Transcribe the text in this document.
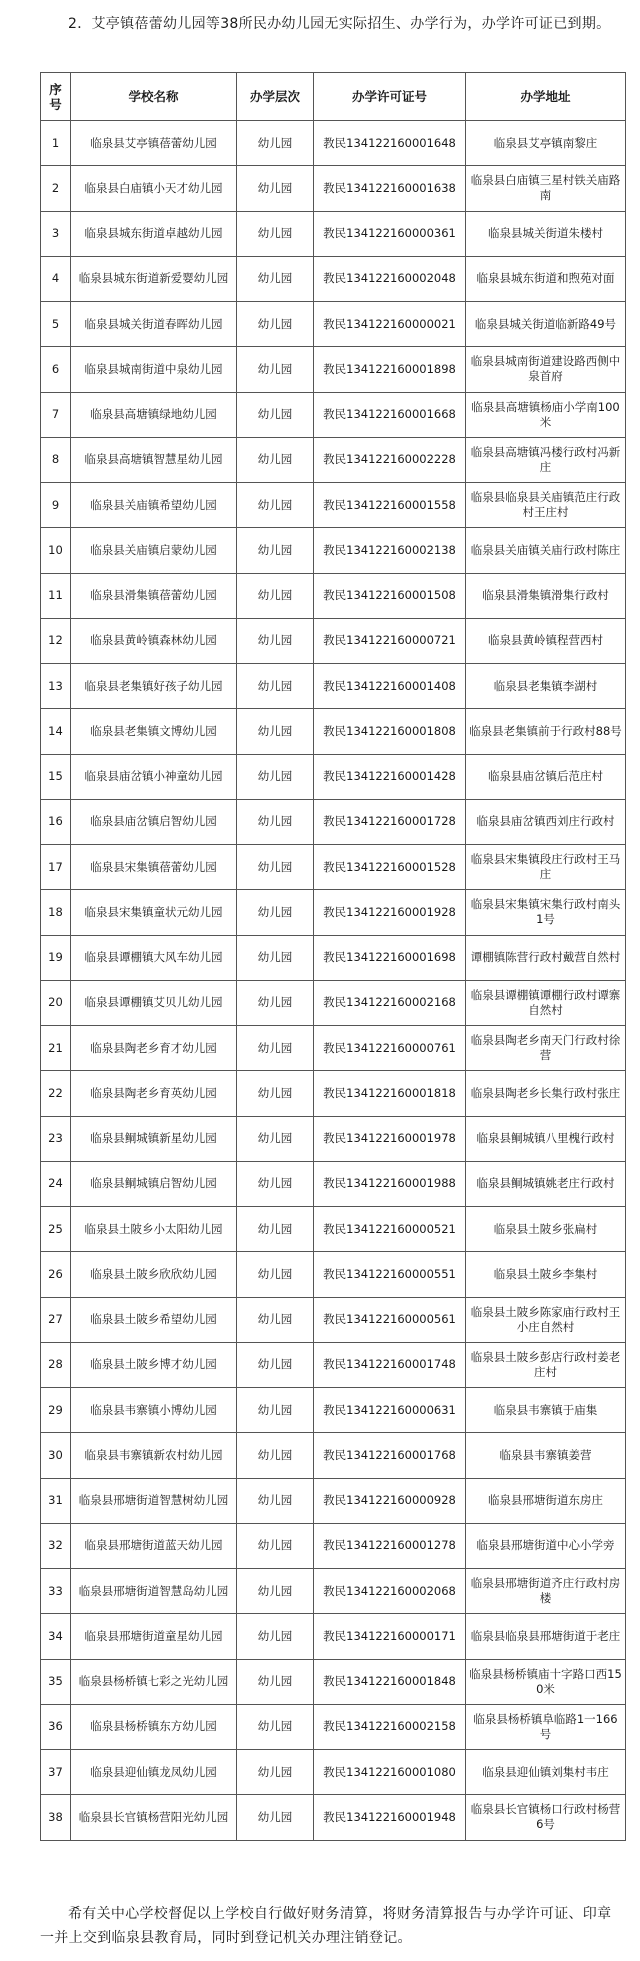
2．艾亭镇蓓蕾幼儿园等38所民办幼儿园无实际招生、办学行为，办学许可证已到期。

序号	学校名称	办学层次	办学许可证号	办学地址
1	临泉县艾亭镇蓓蕾幼儿园	幼儿园	教民134122160001648	临泉县艾亭镇南黎庄
2	临泉县白庙镇小天才幼儿园	幼儿园	教民134122160001638	临泉县白庙镇三星村铁关庙路南
3	临泉县城东街道卓越幼儿园	幼儿园	教民134122160000361	临泉县城关街道朱楼村
4	临泉县城东街道新爱婴幼儿园	幼儿园	教民134122160002048	临泉县城东街道和煦苑对面
5	临泉县城关街道春晖幼儿园	幼儿园	教民134122160000021	临泉县城关街道临新路49号
6	临泉县城南街道中泉幼儿园	幼儿园	教民134122160001898	临泉县城南街道建设路西侧中泉首府
7	临泉县高塘镇绿地幼儿园	幼儿园	教民134122160001668	临泉县高塘镇杨庙小学南100米
8	临泉县高塘镇智慧星幼儿园	幼儿园	教民134122160002228	临泉县高塘镇冯楼行政村冯新庄
9	临泉县关庙镇希望幼儿园	幼儿园	教民134122160001558	临泉县临泉县关庙镇范庄行政村王庄村
10	临泉县关庙镇启蒙幼儿园	幼儿园	教民134122160002138	临泉县关庙镇关庙行政村陈庄
11	临泉县滑集镇蓓蕾幼儿园	幼儿园	教民134122160001508	临泉县滑集镇滑集行政村
12	临泉县黄岭镇森林幼儿园	幼儿园	教民134122160000721	临泉县黄岭镇程营西村
13	临泉县老集镇好孩子幼儿园	幼儿园	教民134122160001408	临泉县老集镇李湖村
14	临泉县老集镇文博幼儿园	幼儿园	教民134122160001808	临泉县老集镇前于行政村88号
15	临泉县庙岔镇小神童幼儿园	幼儿园	教民134122160001428	临泉县庙岔镇后范庄村
16	临泉县庙岔镇启智幼儿园	幼儿园	教民134122160001728	临泉县庙岔镇西刘庄行政村
17	临泉县宋集镇蓓蕾幼儿园	幼儿园	教民134122160001528	临泉县宋集镇段庄行政村王马庄
18	临泉县宋集镇童状元幼儿园	幼儿园	教民134122160001928	临泉县宋集镇宋集行政村南头1号
19	临泉县谭棚镇大风车幼儿园	幼儿园	教民134122160001698	谭棚镇陈营行政村戴营自然村
20	临泉县谭棚镇艾贝儿幼儿园	幼儿园	教民134122160002168	临泉县谭棚镇谭棚行政村谭寨自然村
21	临泉县陶老乡育才幼儿园	幼儿园	教民134122160000761	临泉县陶老乡南天门行政村徐营
22	临泉县陶老乡育英幼儿园	幼儿园	教民134122160001818	临泉县陶老乡长集行政村张庄
23	临泉县鲖城镇新星幼儿园	幼儿园	教民134122160001978	临泉县鲖城镇八里槐行政村
24	临泉县鲖城镇启智幼儿园	幼儿园	教民134122160001988	临泉县鲖城镇姚老庄行政村
25	临泉县土陂乡小太阳幼儿园	幼儿园	教民134122160000521	临泉县土陂乡张扁村
26	临泉县土陂乡欣欣幼儿园	幼儿园	教民134122160000551	临泉县土陂乡李集村
27	临泉县土陂乡希望幼儿园	幼儿园	教民134122160000561	临泉县土陂乡陈家庙行政村王小庄自然村
28	临泉县土陂乡博才幼儿园	幼儿园	教民134122160001748	临泉县土陂乡彭店行政村姜老庄村
29	临泉县韦寨镇小博幼儿园	幼儿园	教民134122160000631	临泉县韦寨镇于庙集
30	临泉县韦寨镇新农村幼儿园	幼儿园	教民134122160001768	临泉县韦寨镇姜营
31	临泉县邢塘街道智慧树幼儿园	幼儿园	教民134122160000928	临泉县邢塘街道东房庄
32	临泉县邢塘街道蓝天幼儿园	幼儿园	教民134122160001278	临泉县邢塘街道中心小学旁
33	临泉县邢塘街道智慧岛幼儿园	幼儿园	教民134122160002068	临泉县邢塘街道齐庄行政村房楼
34	临泉县邢塘街道童星幼儿园	幼儿园	教民134122160000171	临泉县临泉县邢塘街道于老庄
35	临泉县杨桥镇七彩之光幼儿园	幼儿园	教民134122160001848	临泉县杨桥镇庙十字路口西150米
36	临泉县杨桥镇东方幼儿园	幼儿园	教民134122160002158	临泉县杨桥镇阜临路1一166号
37	临泉县迎仙镇龙凤幼儿园	幼儿园	教民134122160001080	临泉县迎仙镇刘集村韦庄
38	临泉县长官镇杨营阳光幼儿园	幼儿园	教民134122160001948	临泉县长官镇杨口行政村杨营6号

希有关中心学校督促以上学校自行做好财务清算，将财务清算报告与办学许可证、印章一并上交到临泉县教育局，同时到登记机关办理注销登记。
